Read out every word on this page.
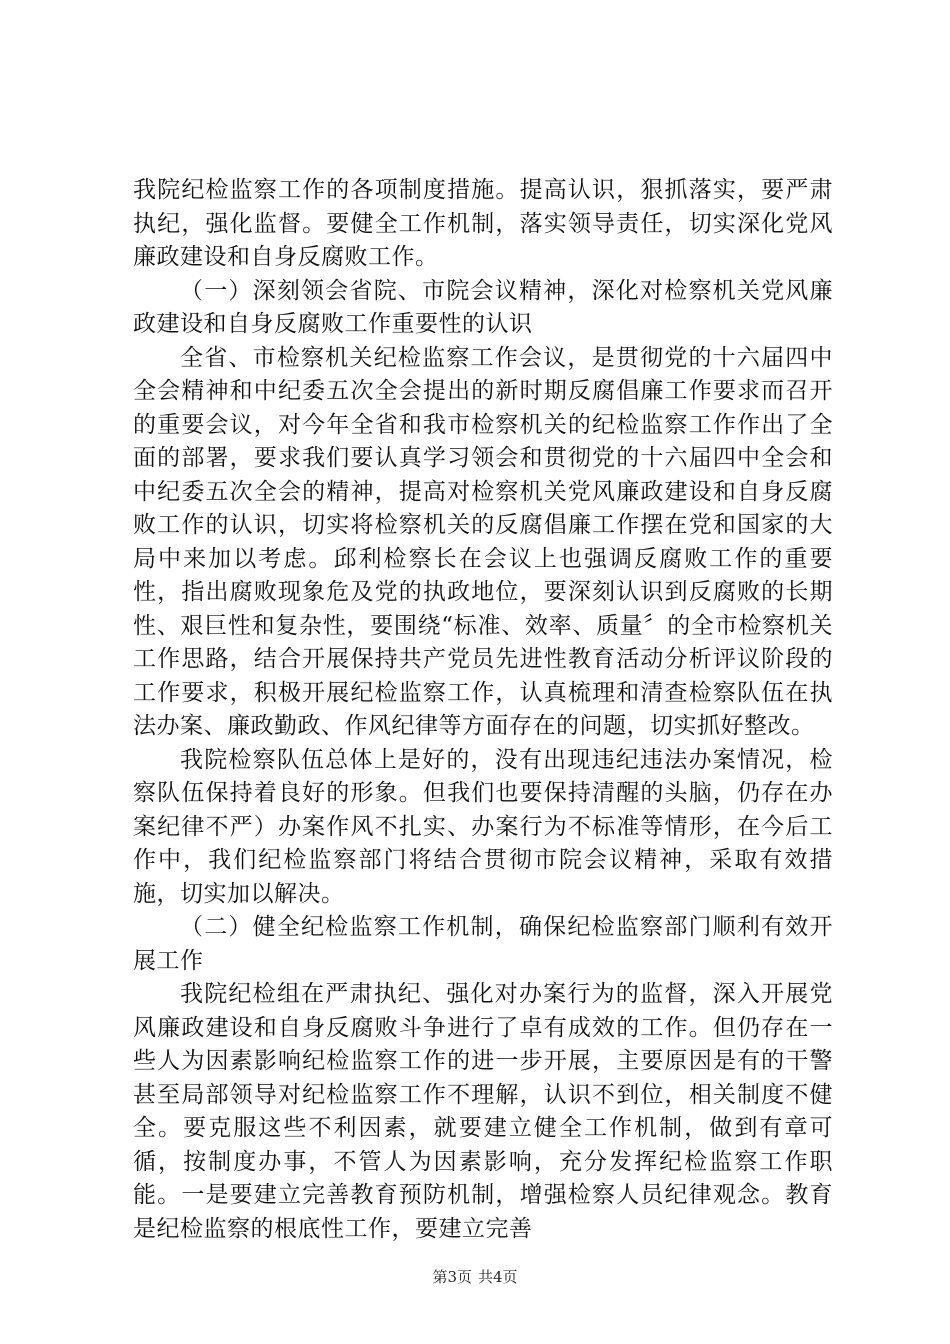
我院纪检监察工作的各项制度措施。提高认识，狠抓落实，要严肃执纪，强化监督。要健全工作机制，落实领导责任，切实深化党风廉政建设和自身反腐败工作。

（一）深刻领会省院、市院会议精神，深化对检察机关党风廉政建设和自身反腐败工作重要性的认识

全省、市检察机关纪检监察工作会议，是贯彻党的十六届四中全会精神和中纪委五次全会提出的新时期反腐倡廉工作要求而召开的重要会议，对今年全省和我市检察机关的纪检监察工作作出了全面的部署，要求我们要认真学习领会和贯彻党的十六届四中全会和中纪委五次全会的精神，提高对检察机关党风廉政建设和自身反腐败工作的认识，切实将检察机关的反腐倡廉工作摆在党和国家的大局中来加以考虑。邱利检察长在会议上也强调反腐败工作的重要性，指出腐败现象危及党的执政地位，要深刻认识到反腐败的长期性、艰巨性和复杂性，要围绕“标准、效率、质量〞的全市检察机关工作思路，结合开展保持共产党员先进性教育活动分析评议阶段的工作要求，积极开展纪检监察工作，认真梳理和清查检察队伍在执法办案、廉政勤政、作风纪律等方面存在的问题，切实抓好整改。

我院检察队伍总体上是好的，没有出现违纪违法办案情况，检察队伍保持着良好的形象。但我们也要保持清醒的头脑，仍存在办案纪律不严）办案作风不扎实、办案行为不标准等情形，在今后工作中，我们纪检监察部门将结合贯彻市院会议精神，采取有效措施，切实加以解决。

（二）健全纪检监察工作机制，确保纪检监察部门顺利有效开展工作

我院纪检组在严肃执纪、强化对办案行为的监督，深入开展党风廉政建设和自身反腐败斗争进行了卓有成效的工作。但仍存在一些人为因素影响纪检监察工作的进一步开展，主要原因是有的干警甚至局部领导对纪检监察工作不理解，认识不到位，相关制度不健全。要克服这些不利因素，就要建立健全工作机制，做到有章可循，按制度办事，不管人为因素影响，充分发挥纪检监察工作职能。一是要建立完善教育预防机制，增强检察人员纪律观念。教育是纪检监察的根底性工作，要建立完善

第3页 共4页
